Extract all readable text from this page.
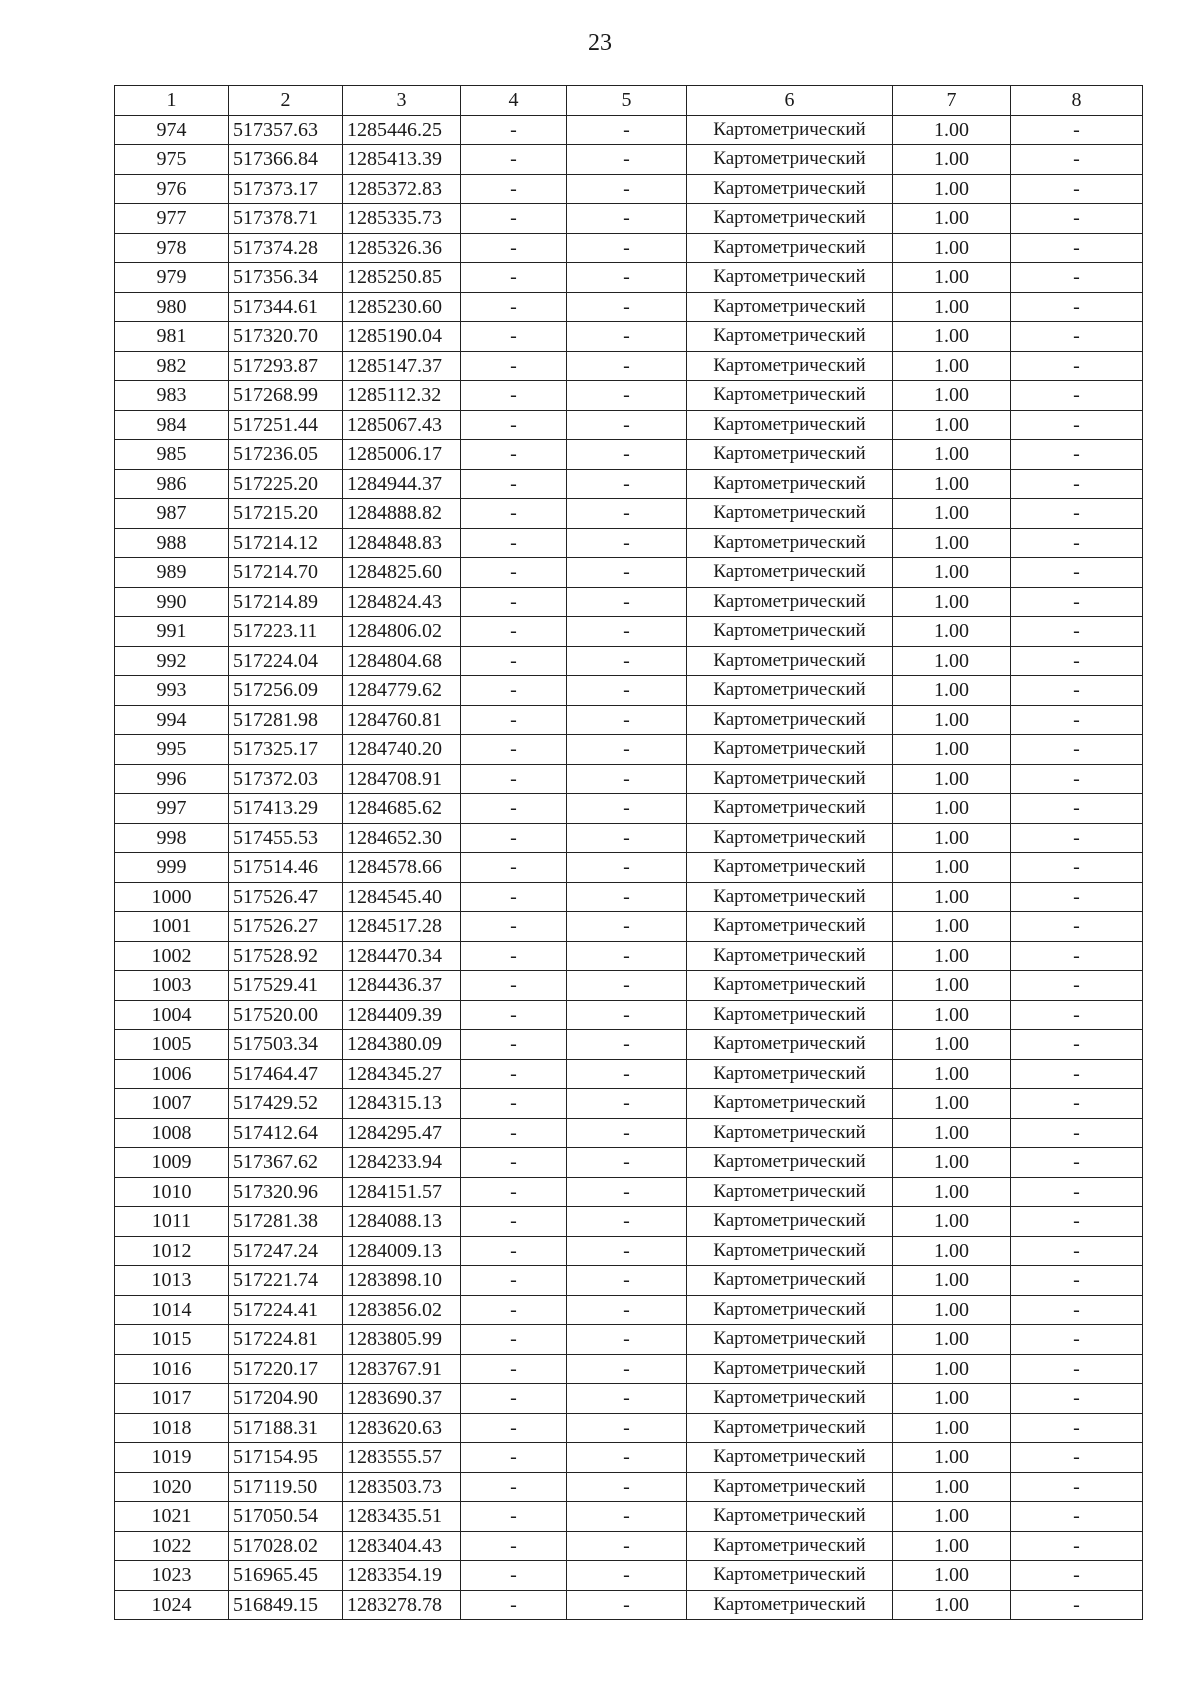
23
1	2	3	4	5	6	7	8
974	517357.63	1285446.25	-	-	Картометрический	1.00	-
975	517366.84	1285413.39	-	-	Картометрический	1.00	-
976	517373.17	1285372.83	-	-	Картометрический	1.00	-
977	517378.71	1285335.73	-	-	Картометрический	1.00	-
978	517374.28	1285326.36	-	-	Картометрический	1.00	-
979	517356.34	1285250.85	-	-	Картометрический	1.00	-
980	517344.61	1285230.60	-	-	Картометрический	1.00	-
981	517320.70	1285190.04	-	-	Картометрический	1.00	-
982	517293.87	1285147.37	-	-	Картометрический	1.00	-
983	517268.99	1285112.32	-	-	Картометрический	1.00	-
984	517251.44	1285067.43	-	-	Картометрический	1.00	-
985	517236.05	1285006.17	-	-	Картометрический	1.00	-
986	517225.20	1284944.37	-	-	Картометрический	1.00	-
987	517215.20	1284888.82	-	-	Картометрический	1.00	-
988	517214.12	1284848.83	-	-	Картометрический	1.00	-
989	517214.70	1284825.60	-	-	Картометрический	1.00	-
990	517214.89	1284824.43	-	-	Картометрический	1.00	-
991	517223.11	1284806.02	-	-	Картометрический	1.00	-
992	517224.04	1284804.68	-	-	Картометрический	1.00	-
993	517256.09	1284779.62	-	-	Картометрический	1.00	-
994	517281.98	1284760.81	-	-	Картометрический	1.00	-
995	517325.17	1284740.20	-	-	Картометрический	1.00	-
996	517372.03	1284708.91	-	-	Картометрический	1.00	-
997	517413.29	1284685.62	-	-	Картометрический	1.00	-
998	517455.53	1284652.30	-	-	Картометрический	1.00	-
999	517514.46	1284578.66	-	-	Картометрический	1.00	-
1000	517526.47	1284545.40	-	-	Картометрический	1.00	-
1001	517526.27	1284517.28	-	-	Картометрический	1.00	-
1002	517528.92	1284470.34	-	-	Картометрический	1.00	-
1003	517529.41	1284436.37	-	-	Картометрический	1.00	-
1004	517520.00	1284409.39	-	-	Картометрический	1.00	-
1005	517503.34	1284380.09	-	-	Картометрический	1.00	-
1006	517464.47	1284345.27	-	-	Картометрический	1.00	-
1007	517429.52	1284315.13	-	-	Картометрический	1.00	-
1008	517412.64	1284295.47	-	-	Картометрический	1.00	-
1009	517367.62	1284233.94	-	-	Картометрический	1.00	-
1010	517320.96	1284151.57	-	-	Картометрический	1.00	-
1011	517281.38	1284088.13	-	-	Картометрический	1.00	-
1012	517247.24	1284009.13	-	-	Картометрический	1.00	-
1013	517221.74	1283898.10	-	-	Картометрический	1.00	-
1014	517224.41	1283856.02	-	-	Картометрический	1.00	-
1015	517224.81	1283805.99	-	-	Картометрический	1.00	-
1016	517220.17	1283767.91	-	-	Картометрический	1.00	-
1017	517204.90	1283690.37	-	-	Картометрический	1.00	-
1018	517188.31	1283620.63	-	-	Картометрический	1.00	-
1019	517154.95	1283555.57	-	-	Картометрический	1.00	-
1020	517119.50	1283503.73	-	-	Картометрический	1.00	-
1021	517050.54	1283435.51	-	-	Картометрический	1.00	-
1022	517028.02	1283404.43	-	-	Картометрический	1.00	-
1023	516965.45	1283354.19	-	-	Картометрический	1.00	-
1024	516849.15	1283278.78	-	-	Картометрический	1.00	-
